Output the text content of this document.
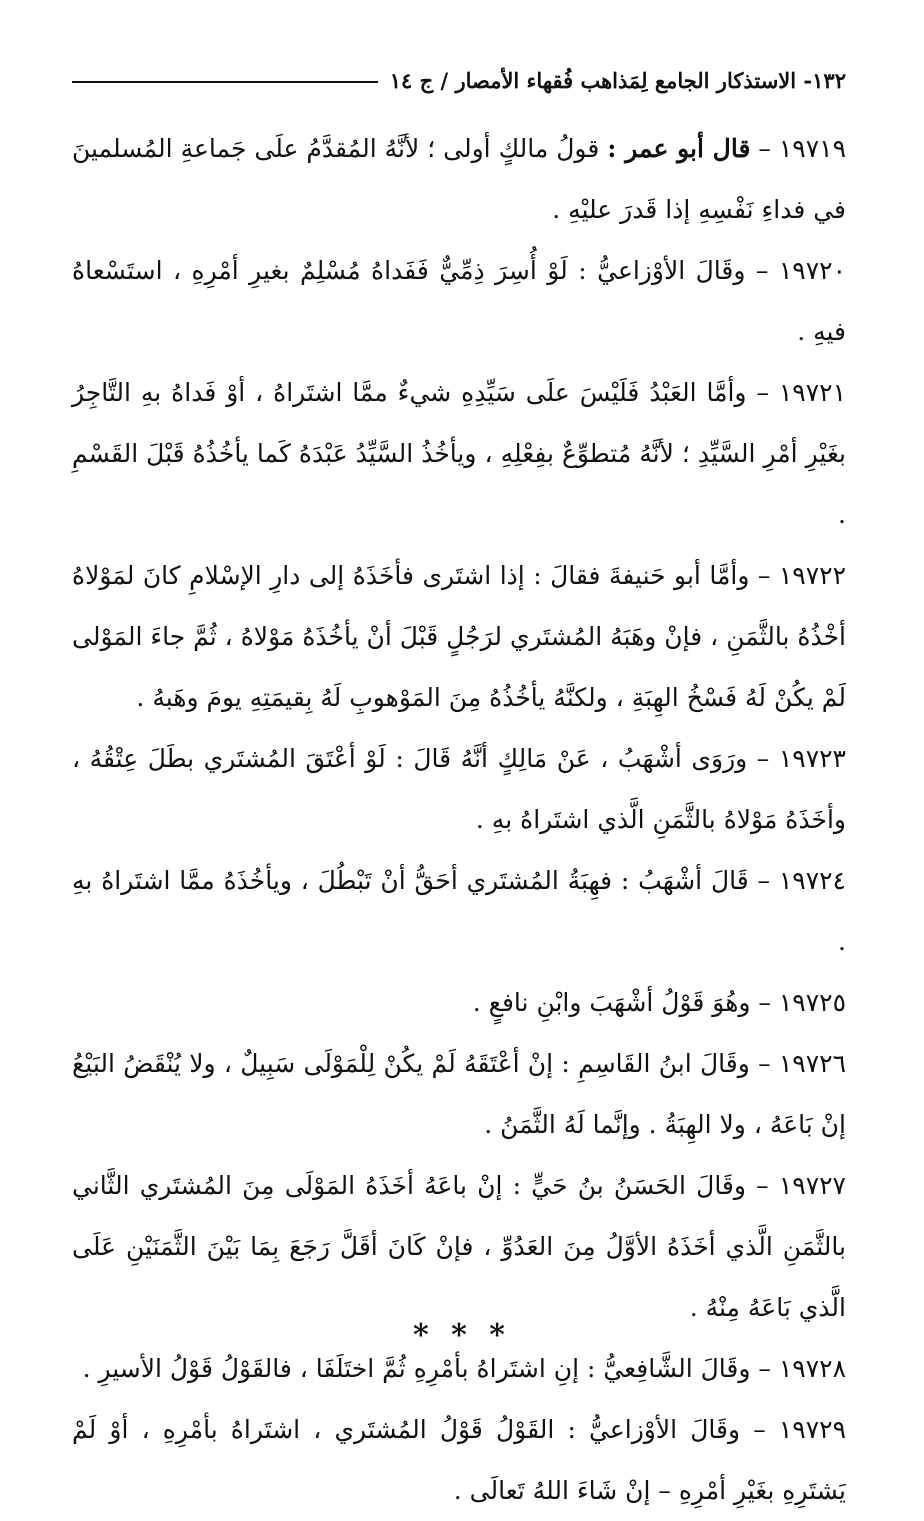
١٣٢- الاستذكار الجامع لِمَذاهب فُقهاء الأمصار / ج ١٤

١٩٧١٩ – قال أبو عمر : قولُ مالكٍ أولى ؛ لأنَّهُ المُقدَّمُ علَى جَماعةِ المُسلمينَ في فداءِ نَفْسِهِ إذا قَدرَ عليْهِ .

١٩٧٢٠ – وقَالَ الأوْزاعيُّ : لَوْ أُسِرَ ذِمِّيٌّ فَفَداهُ مُسْلِمٌ بغيرِ أمْرِهِ ، استَسْعاهُ فيهِ .

١٩٧٢١ – وأمَّا العَبْدُ فَلَيْسَ علَى سَيِّدِهِ شيءٌ ممَّا اشتَراهُ ، أوْ فَداهُ بهِ التَّاجِرُ بغَيْرِ أمْرِ السَّيِّدِ ؛ لأنَّهُ مُتطوِّعٌ بفِعْلِهِ ، ويأخُذُ السَّيِّدُ عَبْدَهُ كَما يأخُذُهُ قَبْلَ القَسْمِ .

١٩٧٢٢ – وأمَّا أبو حَنيفةَ فقالَ : إذا اشتَرى فأخَذَهُ إلى دارِ الإسْلامِ كانَ لمَوْلاهُ أخْذُهُ بالثَّمَنِ ، فإنْ وهَبَهُ المُشتَري لرَجُلٍ قَبْلَ أنْ يأخُذَهُ مَوْلاهُ ، ثُمَّ جاءَ المَوْلى لَمْ يكُنْ لَهُ فَسْخُ الهِبَةِ ، ولكنَّهُ يأخُذُهُ مِنَ المَوْهوبِ لَهُ بِقيمَتِهِ يومَ وهَبهُ .

١٩٧٢٣ – ورَوَى أشْهَبُ ، عَنْ مَالِكٍ أنَّهُ قَالَ : لَوْ أعْتَقَ المُشتَري بطَلَ عِتْقُهُ ، وأخَذَهُ مَوْلاهُ بالثَّمَنِ الَّذي اشتَراهُ بهِ .

١٩٧٢٤ – قَالَ أشْهَبُ : فهِبَةُ المُشتَري أحَقُّ أنْ تَبْطُلَ ، ويأخُذَهُ ممَّا اشتَراهُ بهِ .

١٩٧٢٥ – وهُوَ قَوْلُ أشْهَبَ وابْنِ نافعٍ .

١٩٧٢٦ – وقَالَ ابنُ القَاسِمِ : إنْ أعْتَقَهُ لَمْ يكُنْ لِلْمَوْلَى سَبِيلٌ ، ولا يُنْقَضُ البَيْعُ إنْ بَاعَهُ ، ولا الهِبَةُ . وإنَّما لَهُ الثَّمَنُ .

١٩٧٢٧ – وقَالَ الحَسَنُ بنُ حَيٍّ : إنْ باعَهُ أخَذَهُ المَوْلَى مِنَ المُشتَري الثَّاني بالثَّمَنِ الَّذي أخَذَهُ الأوَّلُ مِنَ العَدُوِّ ، فإنْ كَانَ أقَلَّ رَجَعَ بِمَا بَيْنَ الثَّمَنَيْنِ عَلَى الَّذي بَاعَهُ مِنْهُ .

١٩٧٢٨ – وقَالَ الشَّافِعيُّ : إنِ اشتَراهُ بأمْرِهِ ثُمَّ اختَلَفَا ، فالقَوْلُ قَوْلُ الأسيرِ .

١٩٧٢٩ – وقَالَ الأوْزاعيُّ : القَوْلُ قَوْلُ المُشتَري ، اشتَراهُ بأمْرِهِ ، أوْ لَمْ يَشتَرِهِ بغَيْرِ أمْرِهِ – إنْ شَاءَ اللهُ تَعالَى .

* * *
